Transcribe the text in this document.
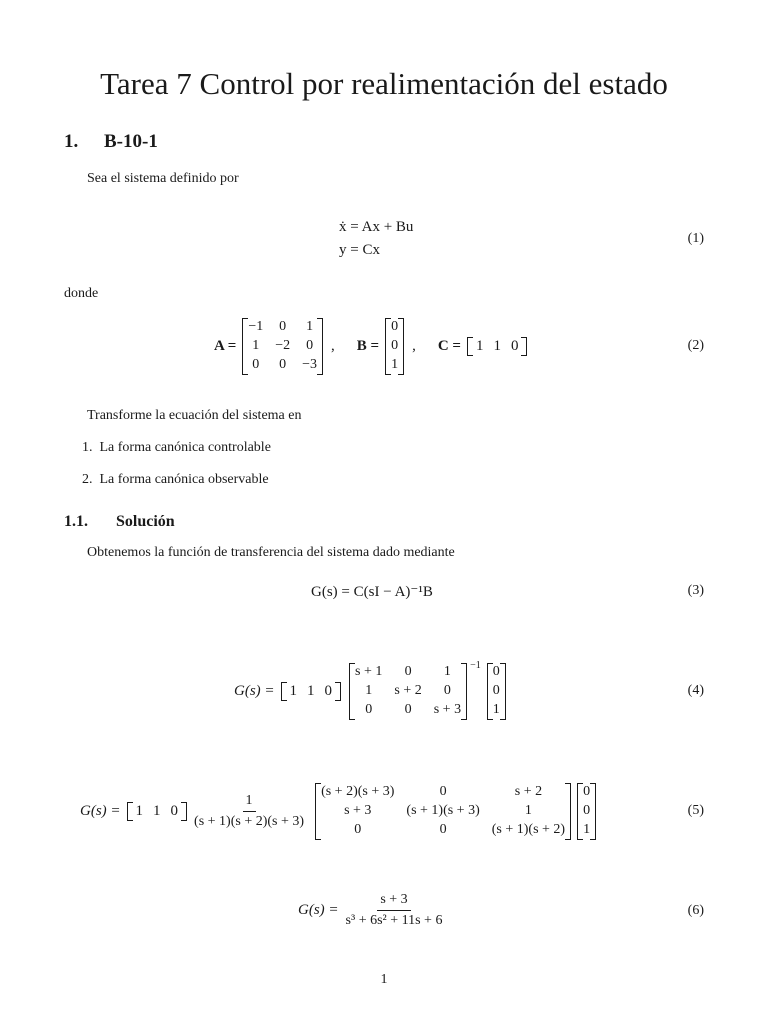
Tarea 7 Control por realimentación del estado
1. B-10-1
Sea el sistema definido por
ẋ = Ax + Bu
y = Cx
(1)
donde
A =
−1	0	1
1	−2	0
0	0	−3
, B =
0
0
1
, C = 1 1 0	(2)
Transforme la ecuación del sistema en
1. La forma canónica controlable
2. La forma canónica observable
1.1. Solución
Obtenemos la función de transferencia del sistema dado mediante
G(s) = C(sI − A)⁻¹B	(3)
G(s) = 1 1 0
s + 1	0	1
1	s + 2	0
0	0	s + 3
−1 0
0
1
(4)
G(s) = 1 1 $0 \frac{1}{(s + 1)(s + 2)(s + 3)}$
(s + 2)(s + 3)	0	s + 2
s + 3	(s + 1)(s + 3)	1
0	0	(s + 1)(s + 2)
0
0
1
(5)
$G(s) = \frac{s + 3}{\text{s³ + 6s² + 11s + 6}}$	(6)
1
